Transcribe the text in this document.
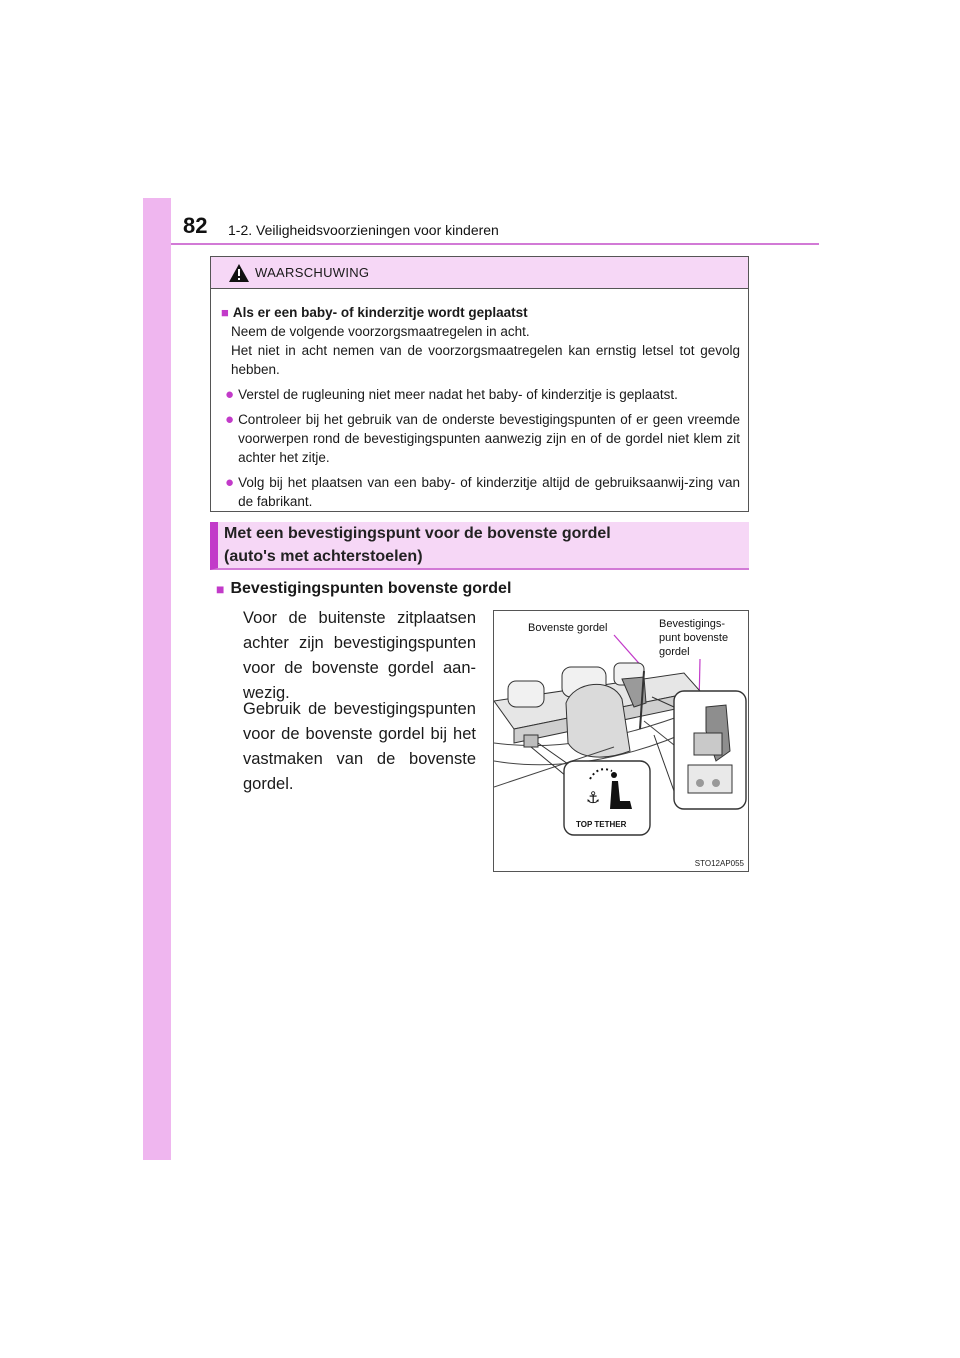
82 1-2. Veiligheidsvoorzieningen voor kinderen
WAARSCHUWING
■ Als er een baby- of kinderzitje wordt geplaatst
Neem de volgende voorzorgsmaatregelen in acht.
Het niet in acht nemen van de voorzorgsmaatregelen kan ernstig letsel tot gevolg hebben.
● Verstel de rugleuning niet meer nadat het baby- of kinderzitje is geplaatst.
● Controleer bij het gebruik van de onderste bevestigingspunten of er geen vreemde voorwerpen rond de bevestigingspunten aanwezig zijn en of de gordel niet klem zit achter het zitje.
● Volg bij het plaatsen van een baby- of kinderzitje altijd de gebruiksaanwij-zing van de fabrikant.
Met een bevestigingspunt voor de bovenste gordel
(auto's met achterstoelen)
■ Bevestigingspunten bovenste gordel
Voor de buitenste zitplaatsen achter zijn bevestigingspunten voor de bovenste gordel aan-wezig.
Gebruik de bevestigingspunten voor de bovenste gordel bij het vastmaken van de bovenste gordel.
Bovenste gordel	Bevestigings-
punt bovenste
gordel
⚓
TOP TETHER
STO12AP055
